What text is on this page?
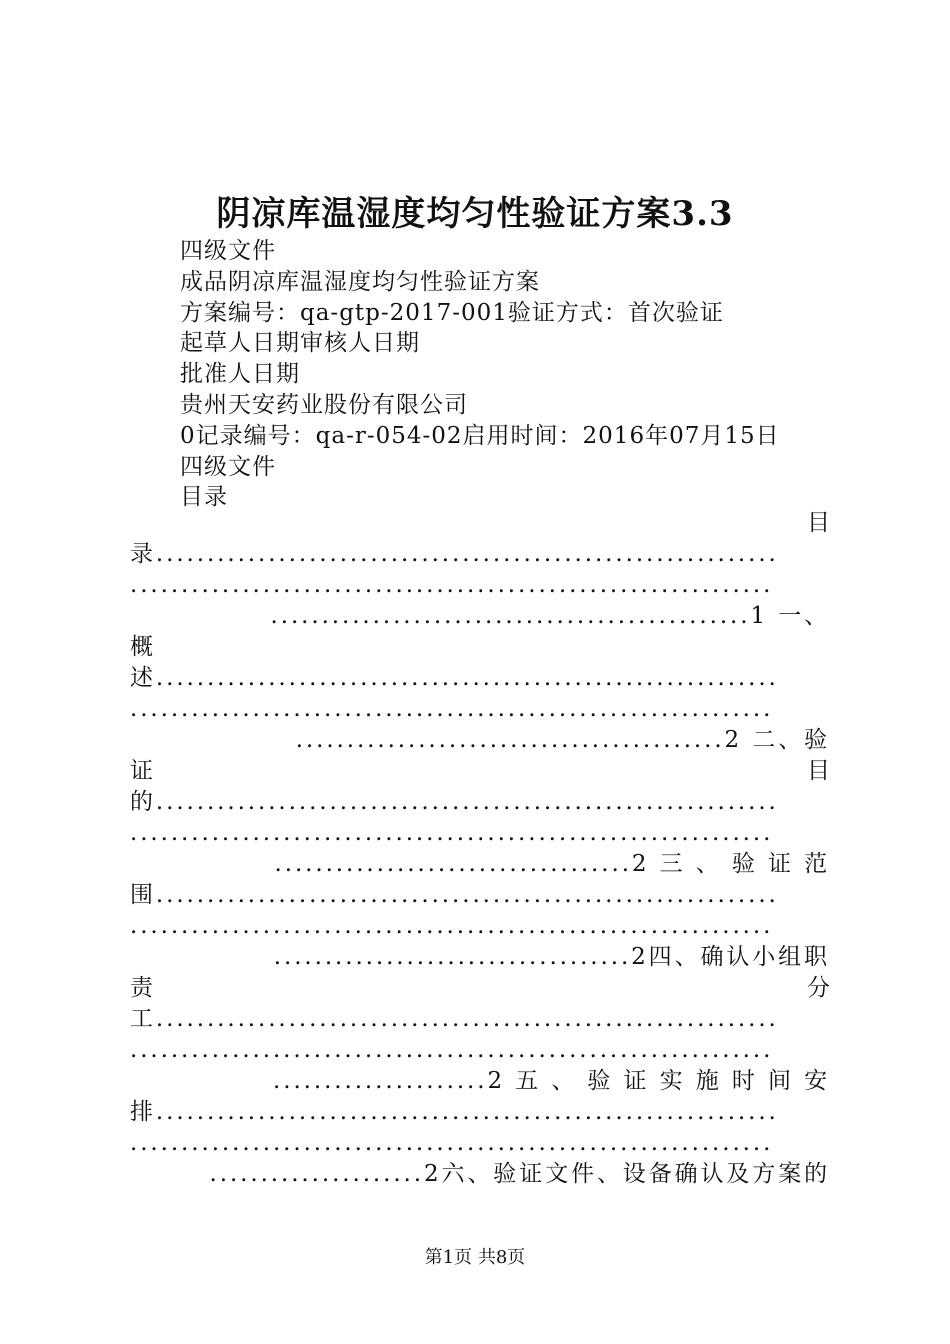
阴凉库温湿度均匀性验证方案3.3
四级文件
成品阴凉库温湿度均匀性验证方案
方案编号：qa-gtp-2017-001验证方式：首次验证
起草人日期审核人日期
批准人日期
贵州天安药业股份有限公司
0记录编号：qa-r-054-02启用时间：2016年07月15日
四级文件
目录
目
录.............................................................
...............................................................
...............................................1 一、
概
述.............................................................
...............................................................
..........................................2 二、验
证	目
的.............................................................
...............................................................
...................................2 三 、 验 证 范
围.............................................................
...............................................................
...................................2四、确认小组职
责	分
工.............................................................
...............................................................
.....................2 五 、 验 证 实 施 时 间 安
排.............................................................
...............................................................
.....................2六、验证文件、设备确认及方案的
第1页 共8页
